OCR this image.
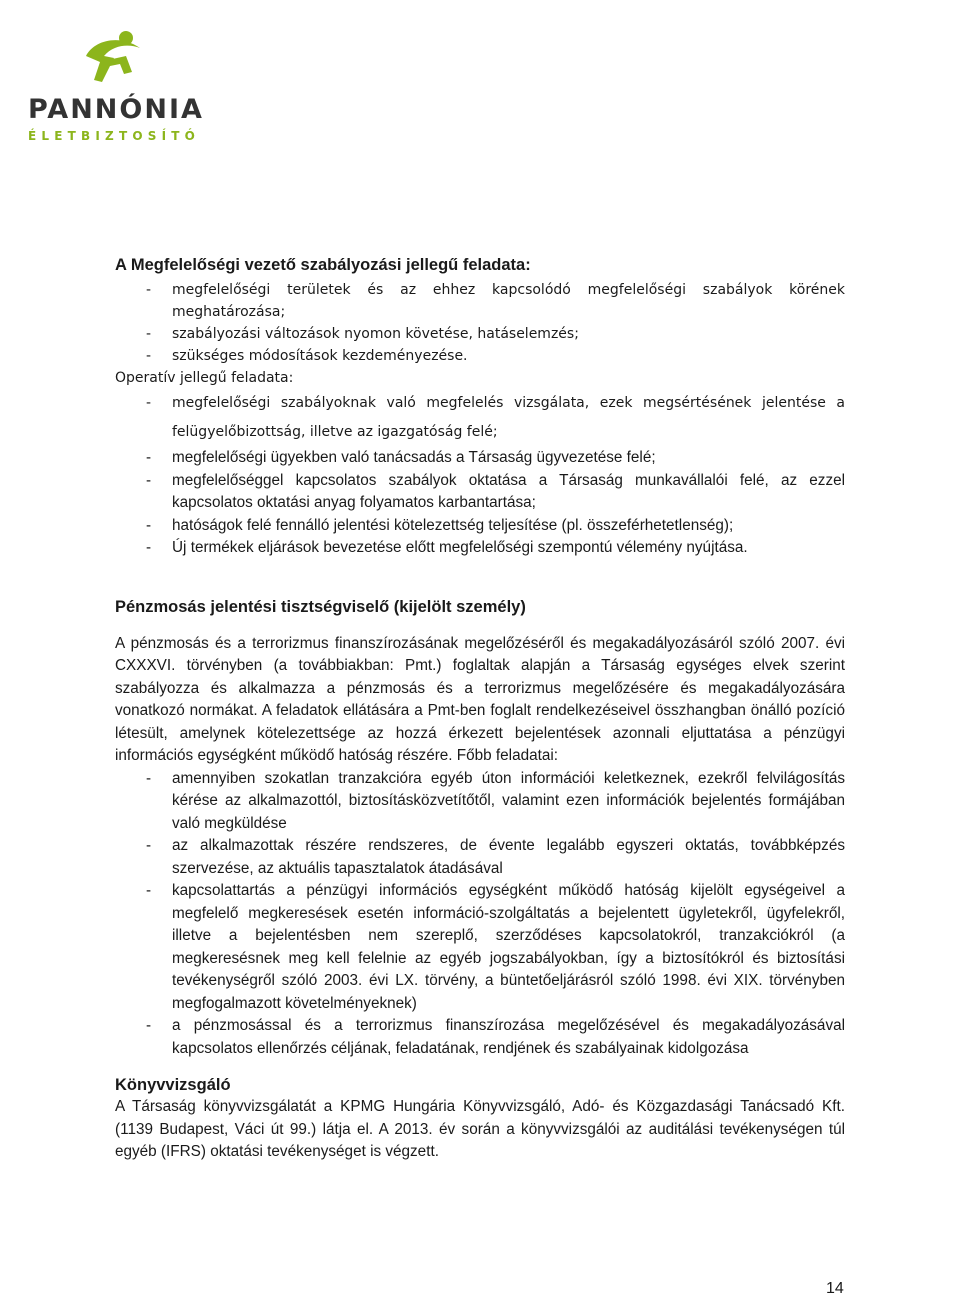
PANNÓNIA
ÉLETBIZTOSÍTÓ
A Megfelelőségi vezető szabályozási jellegű feladata:
- megfelelőségi területek és az ehhez kapcsolódó megfelelőségi szabályok körének meghatározása;
- szabályozási változások nyomon követése, hatáselemzés;
- szükséges módosítások kezdeményezése.

Operatív jellegű feladata:

- megfelelőségi szabályoknak való megfelelés vizsgálata, ezek megsértésének jelentése a felügyelőbizottság, illetve az igazgatóság felé;
- megfelelőségi ügyekben való tanácsadás a Társaság ügyvezetése felé;
- megfelelőséggel kapcsolatos szabályok oktatása a Társaság munkavállalói felé, az ezzel kapcsolatos oktatási anyag folyamatos karbantartása;
- hatóságok felé fennálló jelentési kötelezettség teljesítése (pl. összeférhetetlenség);
- Új termékek eljárások bevezetése előtt megfelelőségi szempontú vélemény nyújtása.
Pénzmosás jelentési tisztségviselő (kijelölt személy)

A pénzmosás és a terrorizmus finanszírozásának megelőzéséről és megakadályozásáról szóló 2007. évi CXXXVI. törvényben (a továbbiakban: Pmt.) foglaltak alapján a Társaság egységes elvek szerint szabályozza és alkalmazza a pénzmosás és a terrorizmus megelőzésére és megakadályozására vonatkozó normákat. A feladatok ellátására a Pmt-ben foglalt rendelkezéseivel összhangban önálló pozíció létesült, amelynek kötelezettsége az hozzá érkezett bejelentések azonnali eljuttatása a pénzügyi információs egységként működő hatóság részére. Főbb feladatai:

- amennyiben szokatlan tranzakcióra egyéb úton információi keletkeznek, ezekről felvilágosítás kérése az alkalmazottól, biztosításközvetítőtől, valamint ezen információk bejelentés formájában való megküldése
- az alkalmazottak részére rendszeres, de évente legalább egyszeri oktatás, továbbképzés szervezése, az aktuális tapasztalatok átadásával
- kapcsolattartás a pénzügyi információs egységként működő hatóság kijelölt egységeivel a megfelelő megkeresések esetén információ-szolgáltatás a bejelentett ügyletekről, ügyfelekről, illetve a bejelentésben nem szereplő, szerződéses kapcsolatokról, tranzakciókról (a megkeresésnek meg kell felelnie az egyéb jogszabályokban, így a biztosítókról és biztosítási tevékenységről szóló 2003. évi LX. törvény, a büntetőeljárásról szóló 1998. évi XIX. törvényben megfogalmazott követelményeknek)
- a pénzmosással és a terrorizmus finanszírozása megelőzésével és megakadályozásával kapcsolatos ellenőrzés céljának, feladatának, rendjének és szabályainak kidolgozása
Könyvvizsgáló

A Társaság könyvvizsgálatát a KPMG Hungária Könyvvizsgáló, Adó- és Közgazdasági Tanácsadó Kft. (1139 Budapest, Váci út 99.) látja el. A 2013. év során a könyvvizsgálói az auditálási tevékenységen túl egyéb (IFRS) oktatási tevékenységet is végzett.

14
